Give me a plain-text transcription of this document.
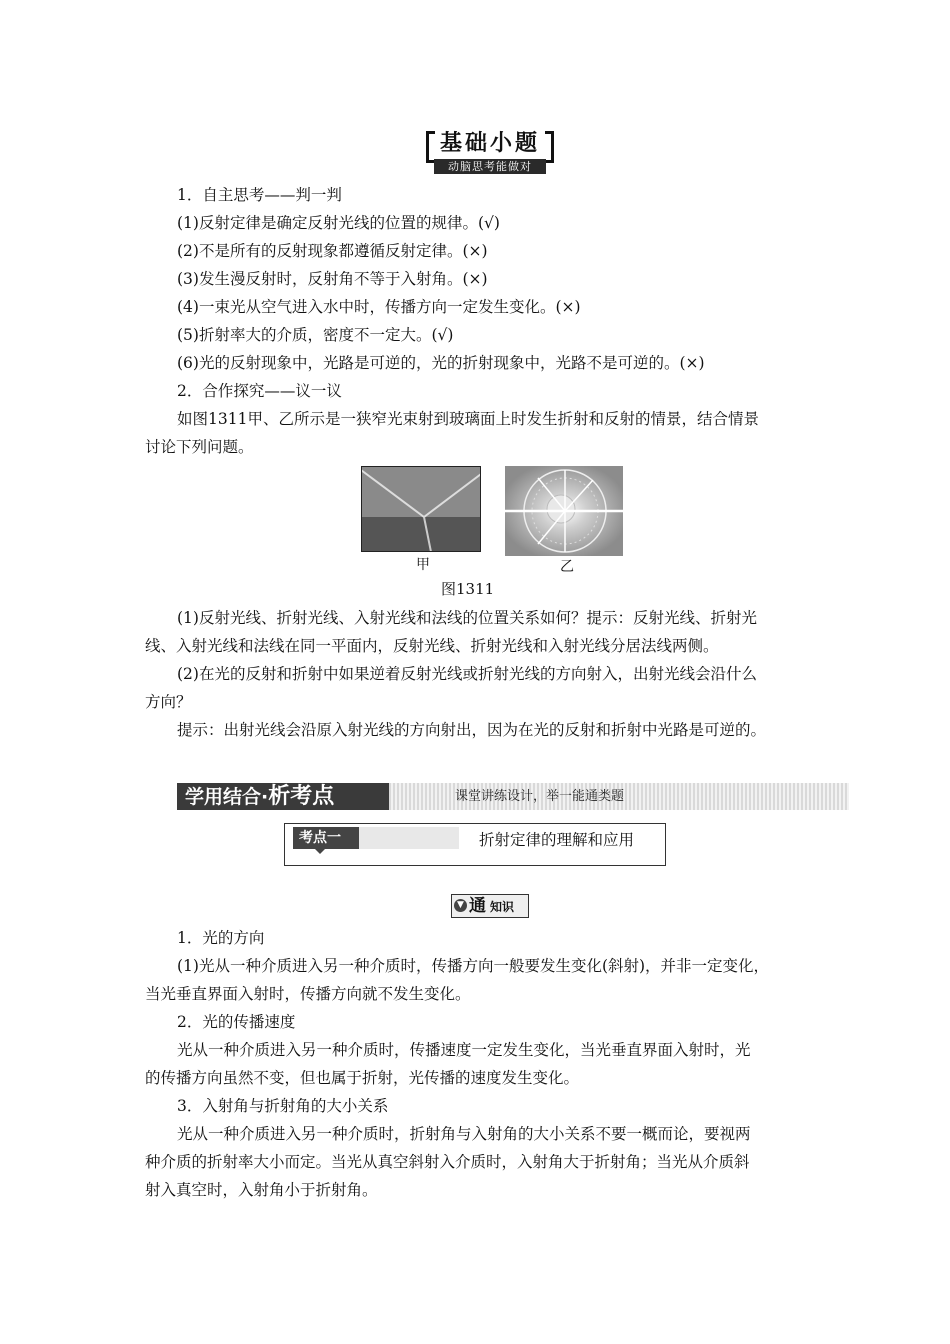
基础小题
动脑思考能做对
1．自主思考——判一判
(1)反射定律是确定反射光线的位置的规律。(√)
(2)不是所有的反射现象都遵循反射定律。(×)
(3)发生漫反射时，反射角不等于入射角。(×)
(4)一束光从空气进入水中时，传播方向一定发生变化。(×)
(5)折射率大的介质，密度不一定大。(√)
(6)光的反射现象中，光路是可逆的，光的折射现象中，光路不是可逆的。(×)
2．合作探究——议一议
如图1311甲、乙所示是一狭窄光束射到玻璃面上时发生折射和反射的情景，结合情景
讨论下列问题。
甲	乙
图1311
(1)反射光线、折射光线、入射光线和法线的位置关系如何？提示：反射光线、折射光
线、入射光线和法线在同一平面内，反射光线、折射光线和入射光线分居法线两侧。
(2)在光的反射和折射中如果逆着反射光线或折射光线的方向射入，出射光线会沿什么
方向？
提示：出射光线会沿原入射光线的方向射出，因为在光的反射和折射中光路是可逆的。
学用结合·析考点	课堂讲练设计，举一能通类题
考点一	折射定律的理解和应用
▼ 通 知识
1．光的方向
(1)光从一种介质进入另一种介质时，传播方向一般要发生变化(斜射)，并非一定变化，
当光垂直界面入射时，传播方向就不发生变化。
2．光的传播速度
光从一种介质进入另一种介质时，传播速度一定发生变化，当光垂直界面入射时，光
的传播方向虽然不变，但也属于折射，光传播的速度发生变化。
3．入射角与折射角的大小关系
光从一种介质进入另一种介质时，折射角与入射角的大小关系不要一概而论，要视两
种介质的折射率大小而定。当光从真空斜射入介质时，入射角大于折射角；当光从介质斜
射入真空时，入射角小于折射角。
